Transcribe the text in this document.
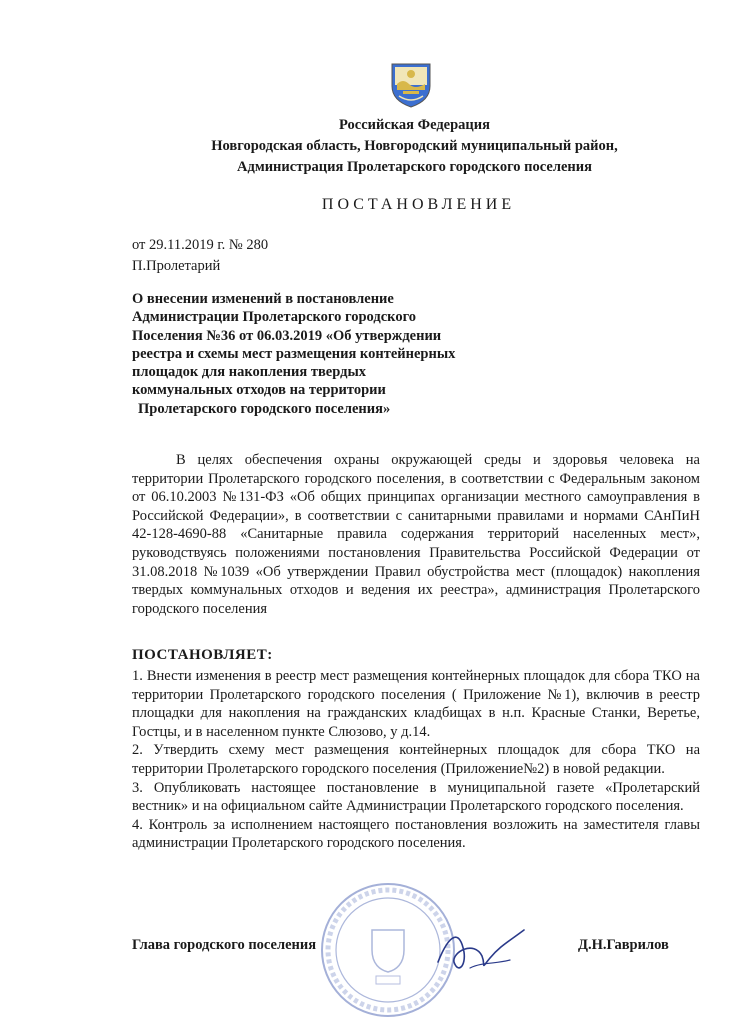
Российская Федерация
Новгородская область, Новгородский муниципальный район,
Администрация Пролетарского городского поселения
ПОСТАНОВЛЕНИЕ
от 29.11.2019 г. № 280
П.Пролетарий
О внесении изменений в постановление
Администрации Пролетарского городского
Поселения №36 от 06.03.2019 «Об утверждении
реестра и схемы мест размещения контейнерных
площадок для накопления твердых
коммунальных отходов на территории
Пролетарского городского поселения»
В целях обеспечения охраны окружающей среды и здоровья человека на территории Пролетарского городского поселения, в соответствии с Федеральным законом от 06.10.2003 №131-ФЗ «Об общих принципах организации местного самоуправления в Российской Федерации», в соответствии с санитарными правилами и нормами САнПиН 42-128-4690-88 «Санитарные правила содержания территорий населенных мест», руководствуясь положениями постановления Правительства Российской Федерации от 31.08.2018 №1039 «Об утверждении Правил обустройства мест (площадок) накопления твердых коммунальных отходов и ведения их реестра», администрация Пролетарского городского поселения
ПОСТАНОВЛЯЕТ:

1. Внести изменения в реестр мест размещения контейнерных площадок для сбора ТКО на территории Пролетарского городского поселения ( Приложение №1), включив в реестр площадки для накопления на гражданских кладбищах в н.п. Красные Станки, Веретье, Гостцы, и в населенном пункте Слюзово, у д.14.

2. Утвердить схему мест размещения контейнерных площадок для сбора ТКО на территории Пролетарского городского поселения (Приложение№2) в новой редакции.

3. Опубликовать настоящее постановление в муниципальной газете «Пролетарский вестник» и на официальном сайте Администрации Пролетарского городского поселения.

4. Контроль за исполнением настоящего постановления возложить на заместителя главы администрации Пролетарского городского поселения.

Глава городского поселения	Д.Н.Гаврилов
